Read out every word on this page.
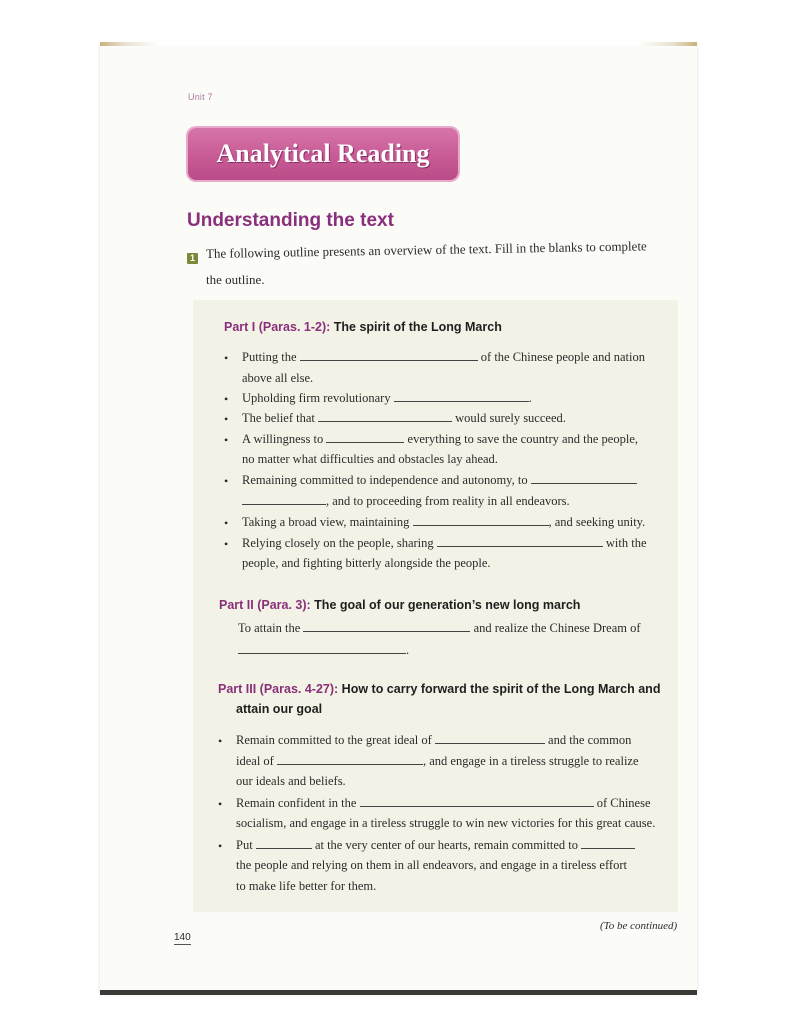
Unit 7
Analytical Reading
Understanding the text
1 The following outline presents an overview of the text. Fill in the blanks to complete
the outline.
Part I (Paras. 1-2): The spirit of the Long March
• Putting the	of the Chinese people and nation
above all else.
• Upholding firm revolutionary	.
• The belief that	would surely succeed.
• A willingness to	everything to save the country and the people,
no matter what difficulties and obstacles lay ahead.
• Remaining committed to independence and autonomy, to
, and to proceeding from reality in all endeavors.
• Taking a broad view, maintaining	, and seeking unity.
• Relying closely on the people, sharing	with the
people, and fighting bitterly alongside the people.
Part II (Para. 3): The goal of our generation’s new long march
To attain the	and realize the Chinese Dream of
.
Part III (Paras. 4-27): How to carry forward the spirit of the Long March and
attain our goal
• Remain committed to the great ideal of	and the common
ideal of	, and engage in a tireless struggle to realize
our ideals and beliefs.
• Remain confident in the	of Chinese
socialism, and engage in a tireless struggle to win new victories for this great cause.
• Put	at the very center of our hearts, remain committed to
the people and relying on them in all endeavors, and engage in a tireless effort
to make life better for them.
140
(To be continued)
